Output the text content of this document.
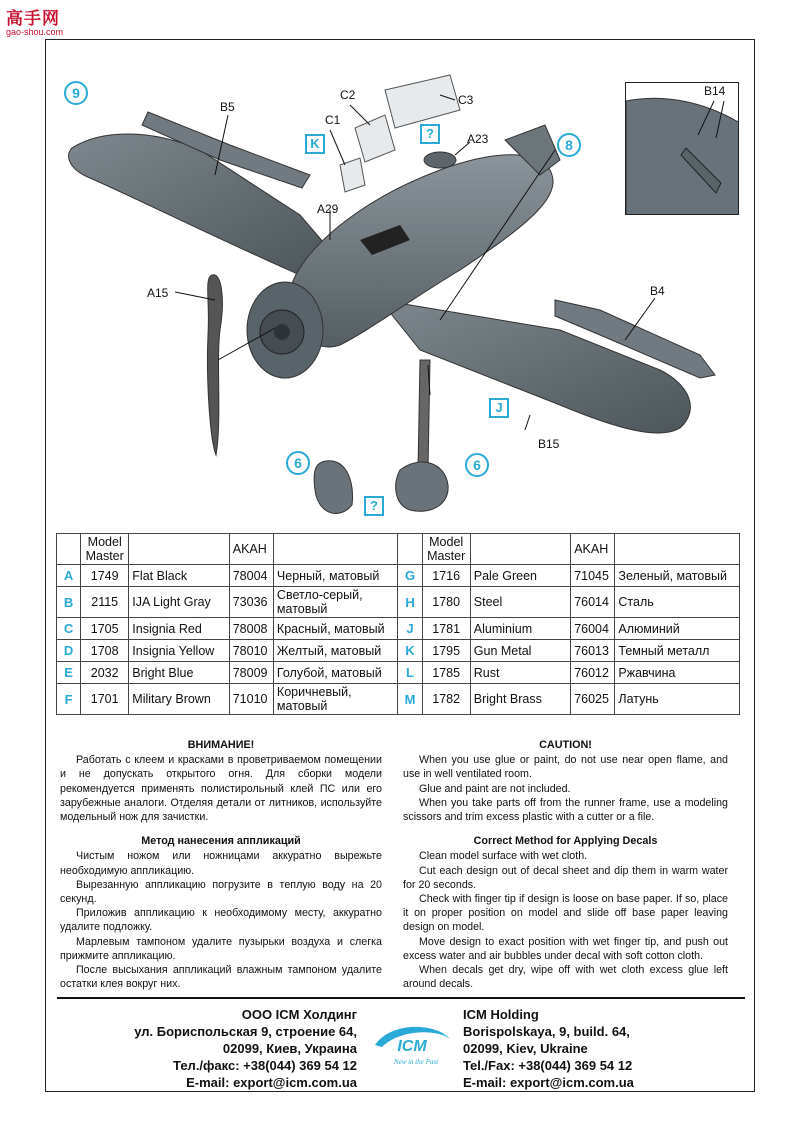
高手网
gao-shou.com
9
B5
C2	C3
C1
A23
A29
A15	B4
B15
K
?
8
J
6	6
?
B14
	Model Master		AKAH			Model Master		AKAH	
A	1749	Flat Black	78004	Черный, матовый	G	1716	Pale Green	71045	Зеленый, матовый
B	2115	IJA Light Gray	73036	Светло-серый, матовый	H	1780	Steel	76014	Сталь
C	1705	Insignia Red	78008	Красный, матовый	J	1781	Aluminium	76004	Алюминий
D	1708	Insignia Yellow	78010	Желтый, матовый	K	1795	Gun Metal	76013	Темный металл
E	2032	Bright Blue	78009	Голубой, матовый	L	1785	Rust	76012	Ржавчина
F	1701	Military Brown	71010	Коричневый, матовый	M	1782	Bright Brass	76025	Латунь
ВНИМАНИЕ!

Работать с клеем и красками в проветриваемом помещении и не допускать открытого огня. Для сборки модели рекомендуется применять полистирольный клей ПС или его зарубежные аналоги. Отделяя детали от литников, используйте модельный нож для зачистки.

Метод нанесения аппликаций

Чистым ножом или ножницами аккуратно вырежьте необходимую аппликацию.

Вырезанную аппликацию погрузите в теплую воду на 20 секунд.

Приложив аппликацию к необходимому месту, аккуратно удалите подложку.

Марлевым тампоном удалите пузырьки воздуха и слегка прижмите аппликацию.

После высыхания аппликаций влажным тампоном удалите остатки клея вокруг них.

CAUTION!

When you use glue or paint, do not use near open flame, and use in well ventilated room.

Glue and paint are not included.

When you take parts off from the runner frame, use a modeling scissors and trim excess plastic with a cutter or a file.

Correct Method for Applying Decals

Clean model surface with wet cloth.

Cut each design out of decal sheet and dip them in warm water for 20 seconds.

Check with finger tip if design is loose on base paper. If so, place it on proper position on model and slide off base paper leaving design on model.

Move design to exact position with wet finger tip, and push out excess water and air bubbles under decal with soft cotton cloth.

When decals get dry, wipe off with wet cloth excess glue left around decals.

ООО ICM Холдинг
ул. Бориспольская 9, строение 64,
02099, Киев, Украина
Тел./факс: +38(044) 369 54 12
E-mail: export@icm.com.ua
ICM
New in the Past
ICM Holding
Borispolskaya, 9, build. 64,
02099, Kiev, Ukraine
Tel./Fax: +38(044) 369 54 12
E-mail: export@icm.com.ua
